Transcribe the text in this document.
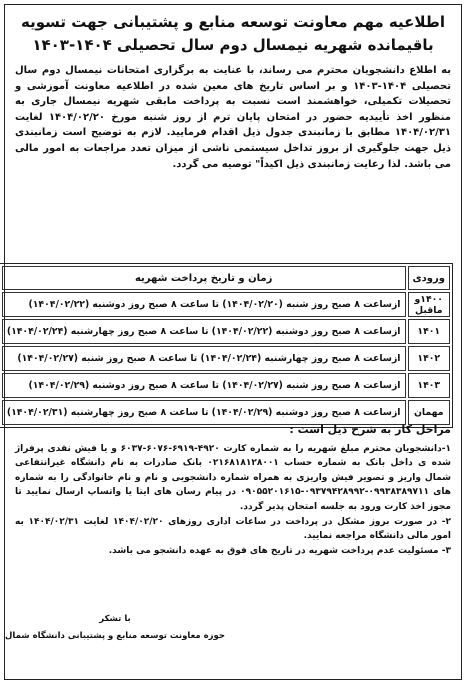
اطلاعیه مهم معاونت توسعه منابع و پشتیبانی جهت تسویه
باقیمانده شهریه نیمسال دوم سال تحصیلی ۱۴۰۴-۱۴۰۳

به اطلاع دانشجویان محترم می رساند، با عنایت به برگزاری امتحانات نیمسال دوم سال تحصیلی ۱۴۰۴-۱۴۰۳ و بر اساس تاریخ های معین شده در اطلاعیه معاونت آموزشی و تحصیلات تکمیلی، خواهشمند است نسبت به پرداخت مابقی شهریه نیمسال جاری به منظور اخذ تأییدیه حضور در امتحان پایان ترم از روز شنبه مورخ ۱۴۰۴/۰۲/۲۰ لغایت ۱۴۰۴/۰۲/۳۱ مطابق با زمانبندی جدول ذیل اقدام فرمایید. لازم به توضیح است زمانبندی ذیل جهت جلوگیری از بروز تداخل سیستمی ناشی از میزان تعدد مراجعات به امور مالی می باشد. لذا رعایت زمانبندی ذیل اکیداً" توصیه می گردد.

ورودی	زمان و تاریخ پرداخت شهریه
۱۴۰۰و ماقبل	ازساعت ۸ صبح روز شنبه (۱۴۰۴/۰۲/۲۰) تا ساعت ۸ صبح روز دوشنبه (۱۴۰۴/۰۲/۲۲)
۱۴۰۱	ازساعت ۸ صبح روز دوشنبه (۱۴۰۴/۰۲/۲۲) تا ساعت ۸ صبح روز چهارشنبه (۱۴۰۴/۰۲/۲۴)
۱۴۰۲	ازساعت ۸ صبح روز چهارشنبه (۱۴۰۴/۰۲/۲۴) تا ساعت ۸ صبح روز شنبه (۱۴۰۴/۰۲/۲۷)
۱۴۰۳	ازساعت ۸ صبح روز شنبه (۱۴۰۴/۰۲/۲۷) تا ساعت ۸ صبح روز دوشنبه (۱۴۰۴/۰۲/۲۹)
مهمان	ازساعت ۸ صبح روز دوشنبه (۱۴۰۴/۰۲/۲۹) تا ساعت ۸ صبح روز چهارشنبه (۱۴۰۴/۰۲/۳۱)
مراحل کار به شرح ذیل است :

۱-دانشجویان محترم مبلغ شهریه را به شماره کارت ۴۹۲۰-۶۹۱۹-۶۰۷۶-۶۰۳۷ و یا فیش نقدی پرفراژ شده ی داخل بانک به شماره حساب ۰۲۱۶۸۱۸۱۲۸۰۰۱ بانک صادرات به نام دانشگاه غیرانتفاعی شمال واریز و تصویر فیش واریزی به همراه شماره دانشجویی و نام و نام خانوادگی را به شماره های ۰۹۹۳۸۳۸۹۷۱۱-۰۹۳۷۹۴۲۸۹۹۲-۰۹۰۵۵۲۰۱۶۱۵ در پیام رسان های ایتا یا واتساپ ارسال نمایید تا مجوز اخذ کارت ورود به جلسه امتحان پذیر گردد.

۲- در صورت بروز مشکل در پرداخت در ساعات اداری روزهای ۱۴۰۴/۰۲/۲۰ لغایت ۱۴۰۴/۰۲/۳۱ به امور مالی دانشگاه مراجعه نمایید.

۳- مسئولیت عدم پرداخت شهریه در تاریخ های فوق به عهده دانشجو می باشد.

با تشکر
حوزه معاونت توسعه منابع و پشتیبانی دانشگاه شمال
